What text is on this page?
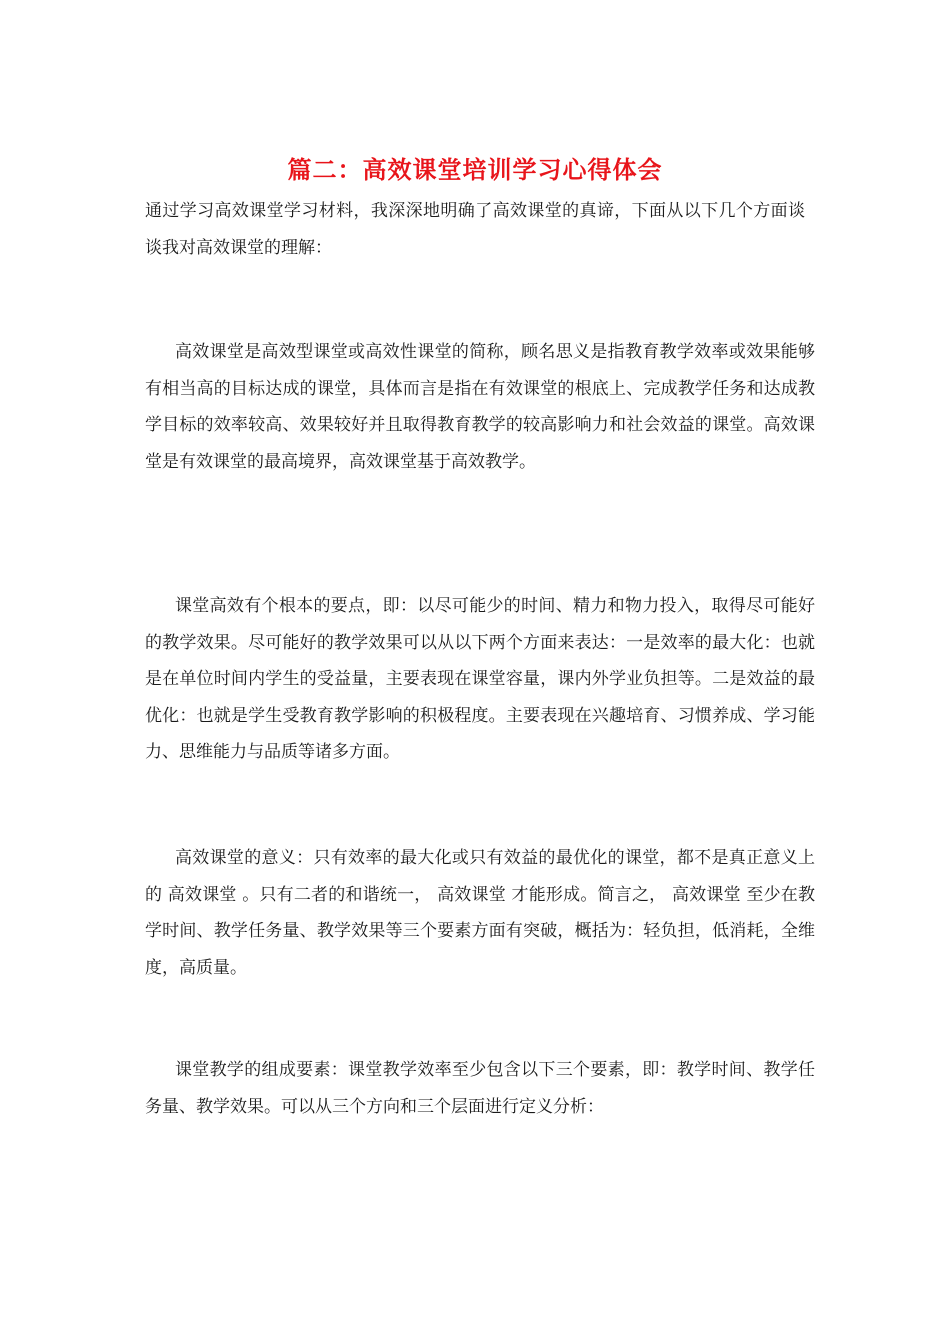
篇二：高效课堂培训学习心得体会

通过学习高效课堂学习材料，我深深地明确了高效课堂的真谛，下面从以下几个方面谈谈我对高效课堂的理解：

高效课堂是高效型课堂或高效性课堂的简称，顾名思义是指教育教学效率或效果能够有相当高的目标达成的课堂，具体而言是指在有效课堂的根底上、完成教学任务和达成教学目标的效率较高、效果较好并且取得教育教学的较高影响力和社会效益的课堂。高效课堂是有效课堂的最高境界，高效课堂基于高效教学。

课堂高效有个根本的要点，即：以尽可能少的时间、精力和物力投入，取得尽可能好的教学效果。尽可能好的教学效果可以从以下两个方面来表达：一是效率的最大化：也就是在单位时间内学生的受益量，主要表现在课堂容量，课内外学业负担等。二是效益的最优化：也就是学生受教育教学影响的积极程度。主要表现在兴趣培育、习惯养成、学习能力、思维能力与品质等诸多方面。

高效课堂的意义：只有效率的最大化或只有效益的最优化的课堂，都不是真正意义上的 高效课堂 。只有二者的和谐统一， 高效课堂 才能形成。简言之， 高效课堂 至少在教学时间、教学任务量、教学效果等三个要素方面有突破，概括为：轻负担，低消耗，全维度，高质量。

课堂教学的组成要素：课堂教学效率至少包含以下三个要素，即：教学时间、教学任务量、教学效果。可以从三个方向和三个层面进行定义分析：
